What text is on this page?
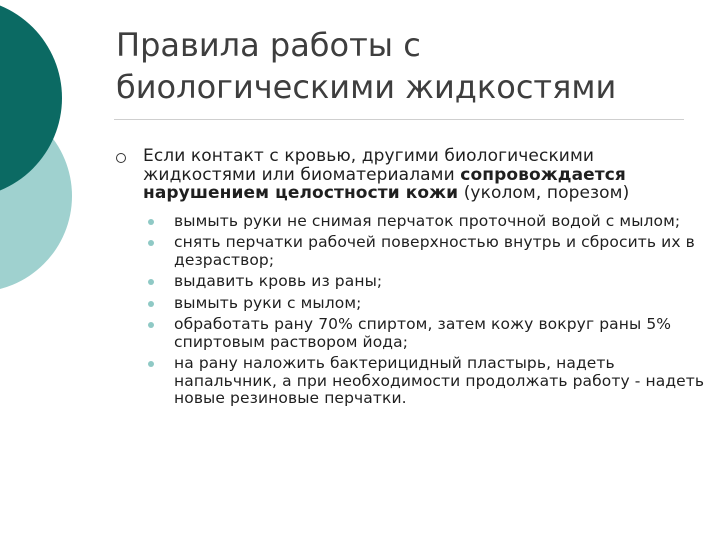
Правила работы с биологическими жидкостями
Если контакт с кровью, другими биологическими жидкостями или биоматериалами сопровождается нарушением целостности кожи (уколом, порезом)
вымыть руки не снимая перчаток проточной водой с мылом;
снять перчатки рабочей поверхностью внутрь и сбросить их в дезраствор;
выдавить кровь из раны;
вымыть руки с мылом;
обработать рану 70% спиртом, затем кожу вокруг раны 5% спиртовым раствором йода;
на рану наложить бактерицидный пластырь, надеть напальчник, а при необходимости продолжать работу - надеть новые резиновые перчатки.
